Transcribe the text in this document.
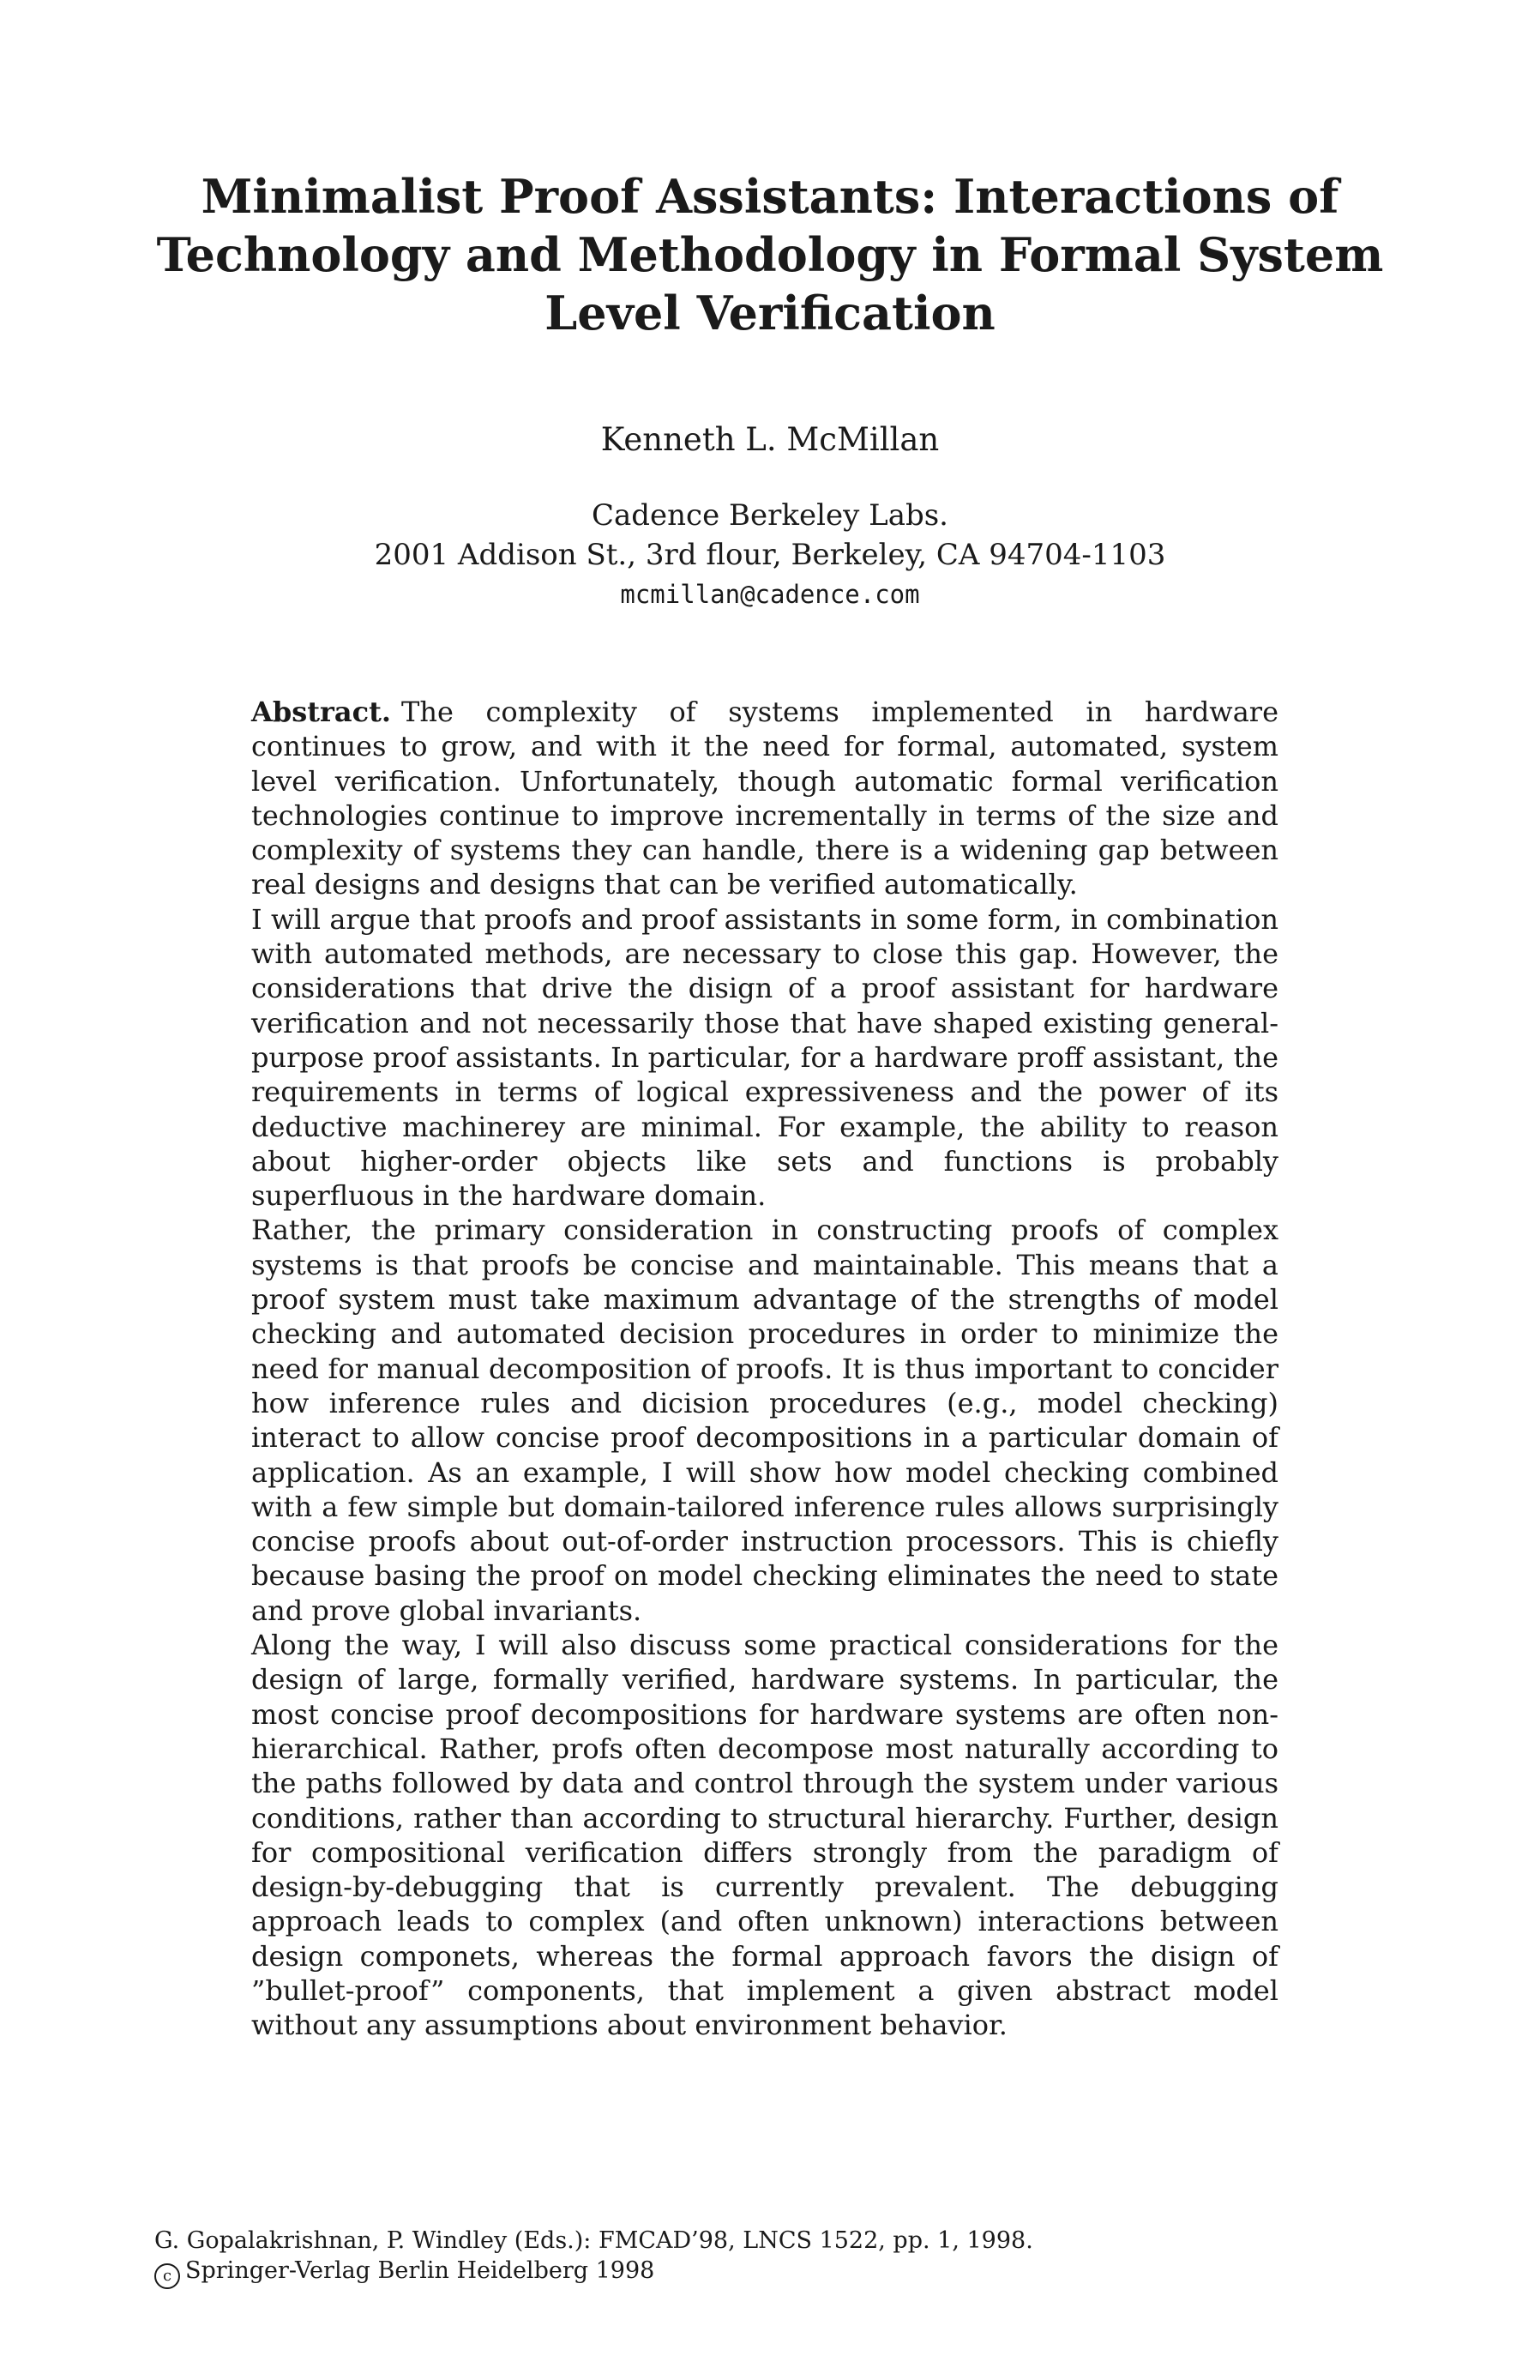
Minimalist Proof Assistants: Interactions of
Technology and Methodology in Formal System
Level Verification
Kenneth L. McMillan
Cadence Berkeley Labs.
2001 Addison St., 3rd flour, Berkeley, CA 94704-1103
mcmillan@cadence.com

Abstract. The complexity of systems implemented in hardware continues to grow, and with it the need for formal, automated, system level verification. Unfortunately, though automatic formal verification technologies continue to improve incrementally in terms of the size and complexity of systems they can handle, there is a widening gap between real designs and designs that can be verified automatically.

I will argue that proofs and proof assistants in some form, in combination with automated methods, are necessary to close this gap. However, the considerations that drive the disign of a proof assistant for hardware verification and not necessarily those that have shaped existing general-purpose proof assistants. In particular, for a hardware proff assistant, the requirements in terms of logical expressiveness and the power of its deductive machinerey are minimal. For example, the ability to reason about higher-order objects like sets and functions is probably superfluous in the hardware domain.

Rather, the primary consideration in constructing proofs of complex systems is that proofs be concise and maintainable. This means that a proof system must take maximum advantage of the strengths of model checking and automated decision procedures in order to minimize the need for manual decomposition of proofs. It is thus important to concider how inference rules and dicision procedures (e.g., model checking) interact to allow concise proof decompositions in a particular domain of application. As an example, I will show how model checking combined with a few simple but domain-tailored inference rules allows surprisingly concise proofs about out-of-order instruction processors. This is chiefly because basing the proof on model checking eliminates the need to state and prove global invariants.

Along the way, I will also discuss some practical considerations for the design of large, formally verified, hardware systems. In particular, the most concise proof decompositions for hardware systems are often non-hierarchical. Rather, profs often decompose most naturally according to the paths followed by data and control through the system under various conditions, rather than according to structural hierarchy. Further, design for compositional verification differs strongly from the paradigm of design-by-debugging that is currently prevalent. The debugging approach leads to complex (and often unknown) interactions between design componets, whereas the formal approach favors the disign of ”bullet-proof” components, that implement a given abstract model without any assumptions about environment behavior.

G. Gopalakrishnan, P. Windley (Eds.): FMCAD’98, LNCS 1522, pp. 1, 1998.
c Springer-Verlag Berlin Heidelberg 1998
